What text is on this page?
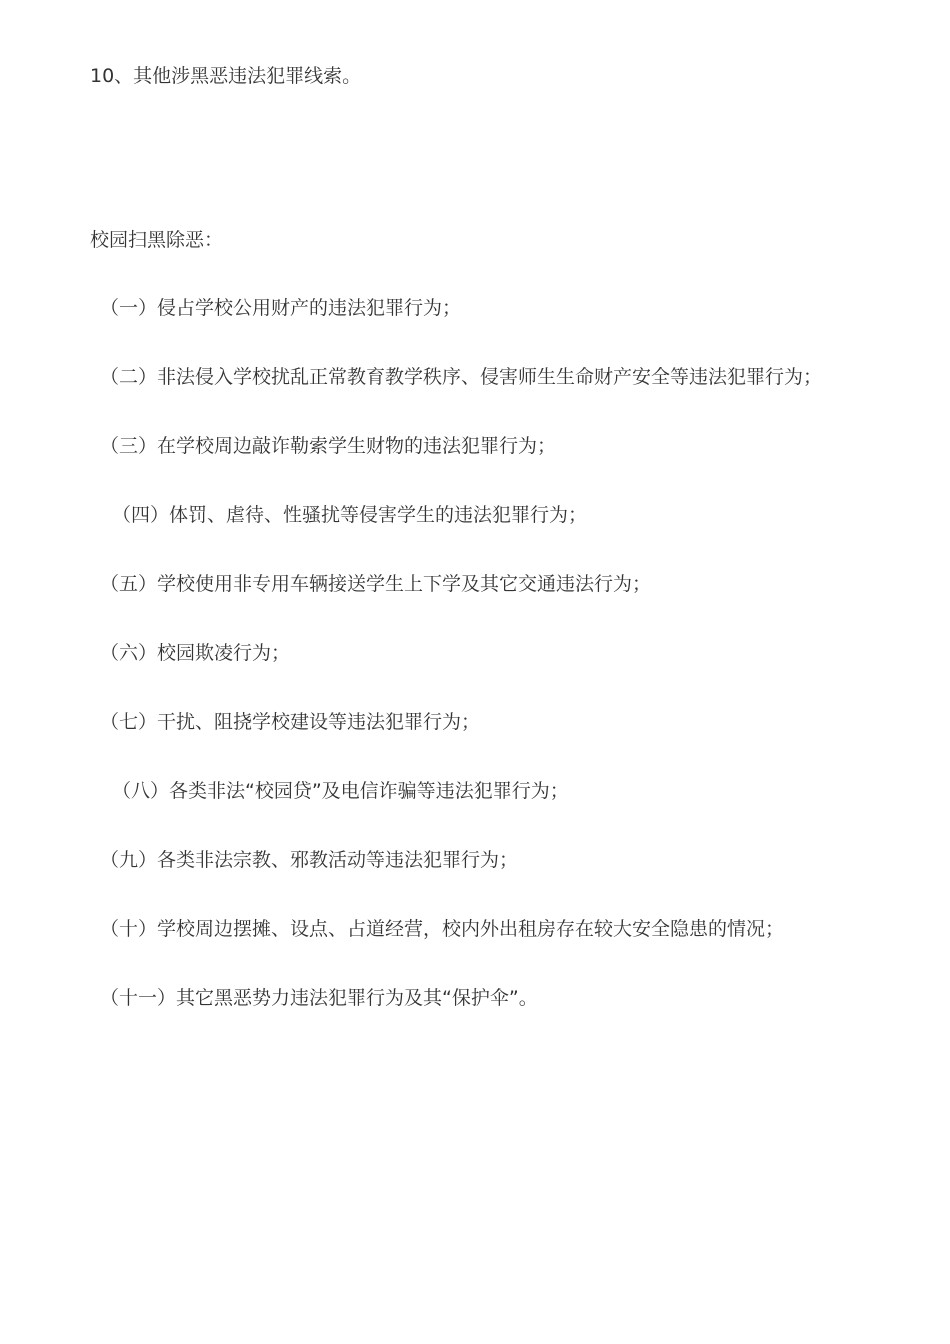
10、其他涉黑恶违法犯罪线索。
校园扫黑除恶：
（一）侵占学校公用财产的违法犯罪行为；
（二）非法侵入学校扰乱正常教育教学秩序、侵害师生生命财产安全等违法犯罪行为；
（三）在学校周边敲诈勒索学生财物的违法犯罪行为；
（四）体罚、虐待、性骚扰等侵害学生的违法犯罪行为；
（五）学校使用非专用车辆接送学生上下学及其它交通违法行为；
（六）校园欺凌行为；
（七）干扰、阻挠学校建设等违法犯罪行为；
（八）各类非法“校园贷”及电信诈骗等违法犯罪行为；
（九）各类非法宗教、邪教活动等违法犯罪行为；
（十）学校周边摆摊、设点、占道经营，校内外出租房存在较大安全隐患的情况；
（十一）其它黑恶势力违法犯罪行为及其“保护伞”。
